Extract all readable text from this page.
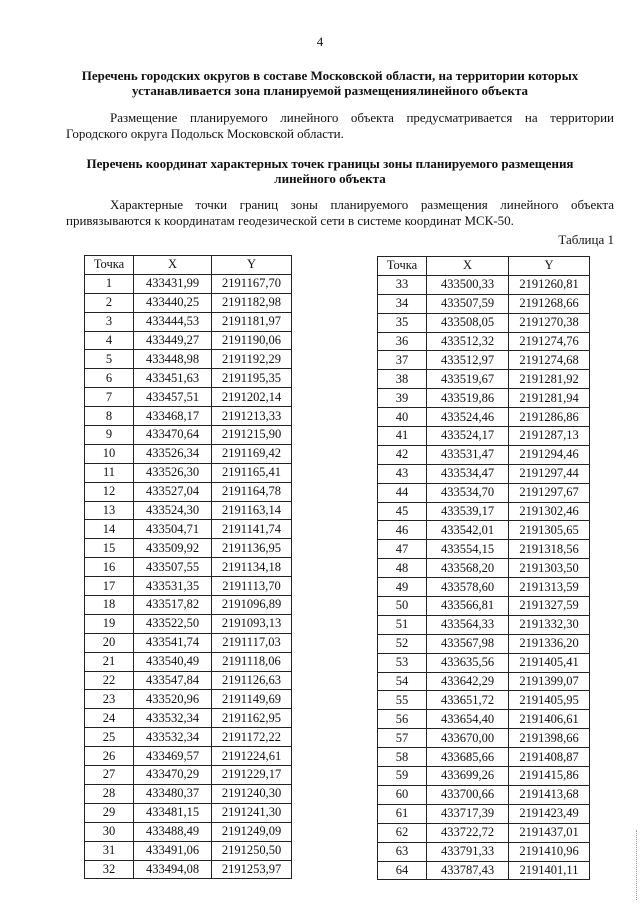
4
Перечень городских округов в составе Московской области, на территории которых устанавливается зона планируемой размещениялинейного объекта
Размещение планируемого линейного объекта предусматривается на территории Городского округа Подольск Московской области.
Перечень координат характерных точек границы зоны планируемого размещения линейного объекта
Характерные точки границ зоны планируемого размещения линейного объекта привязываются к координатам геодезической сети в системе координат МСК-50.
Таблица 1
Точка	X	Y
1	433431,99	2191167,70
2	433440,25	2191182,98
3	433444,53	2191181,97
4	433449,27	2191190,06
5	433448,98	2191192,29
6	433451,63	2191195,35
7	433457,51	2191202,14
8	433468,17	2191213,33
9	433470,64	2191215,90
10	433526,34	2191169,42
11	433526,30	2191165,41
12	433527,04	2191164,78
13	433524,30	2191163,14
14	433504,71	2191141,74
15	433509,92	2191136,95
16	433507,55	2191134,18
17	433531,35	2191113,70
18	433517,82	2191096,89
19	433522,50	2191093,13
20	433541,74	2191117,03
21	433540,49	2191118,06
22	433547,84	2191126,63
23	433520,96	2191149,69
24	433532,34	2191162,95
25	433532,34	2191172,22
26	433469,57	2191224,61
27	433470,29	2191229,17
28	433480,37	2191240,30
29	433481,15	2191241,30
30	433488,49	2191249,09
31	433491,06	2191250,50
32	433494,08	2191253,97
Точка	X	Y
33	433500,33	2191260,81
34	433507,59	2191268,66
35	433508,05	2191270,38
36	433512,32	2191274,76
37	433512,97	2191274,68
38	433519,67	2191281,92
39	433519,86	2191281,94
40	433524,46	2191286,86
41	433524,17	2191287,13
42	433531,47	2191294,46
43	433534,47	2191297,44
44	433534,70	2191297,67
45	433539,17	2191302,46
46	433542,01	2191305,65
47	433554,15	2191318,56
48	433568,20	2191303,50
49	433578,60	2191313,59
50	433566,81	2191327,59
51	433564,33	2191332,30
52	433567,98	2191336,20
53	433635,56	2191405,41
54	433642,29	2191399,07
55	433651,72	2191405,95
56	433654,40	2191406,61
57	433670,00	2191398,66
58	433685,66	2191408,87
59	433699,26	2191415,86
60	433700,66	2191413,68
61	433717,39	2191423,49
62	433722,72	2191437,01
63	433791,33	2191410,96
64	433787,43	2191401,11
